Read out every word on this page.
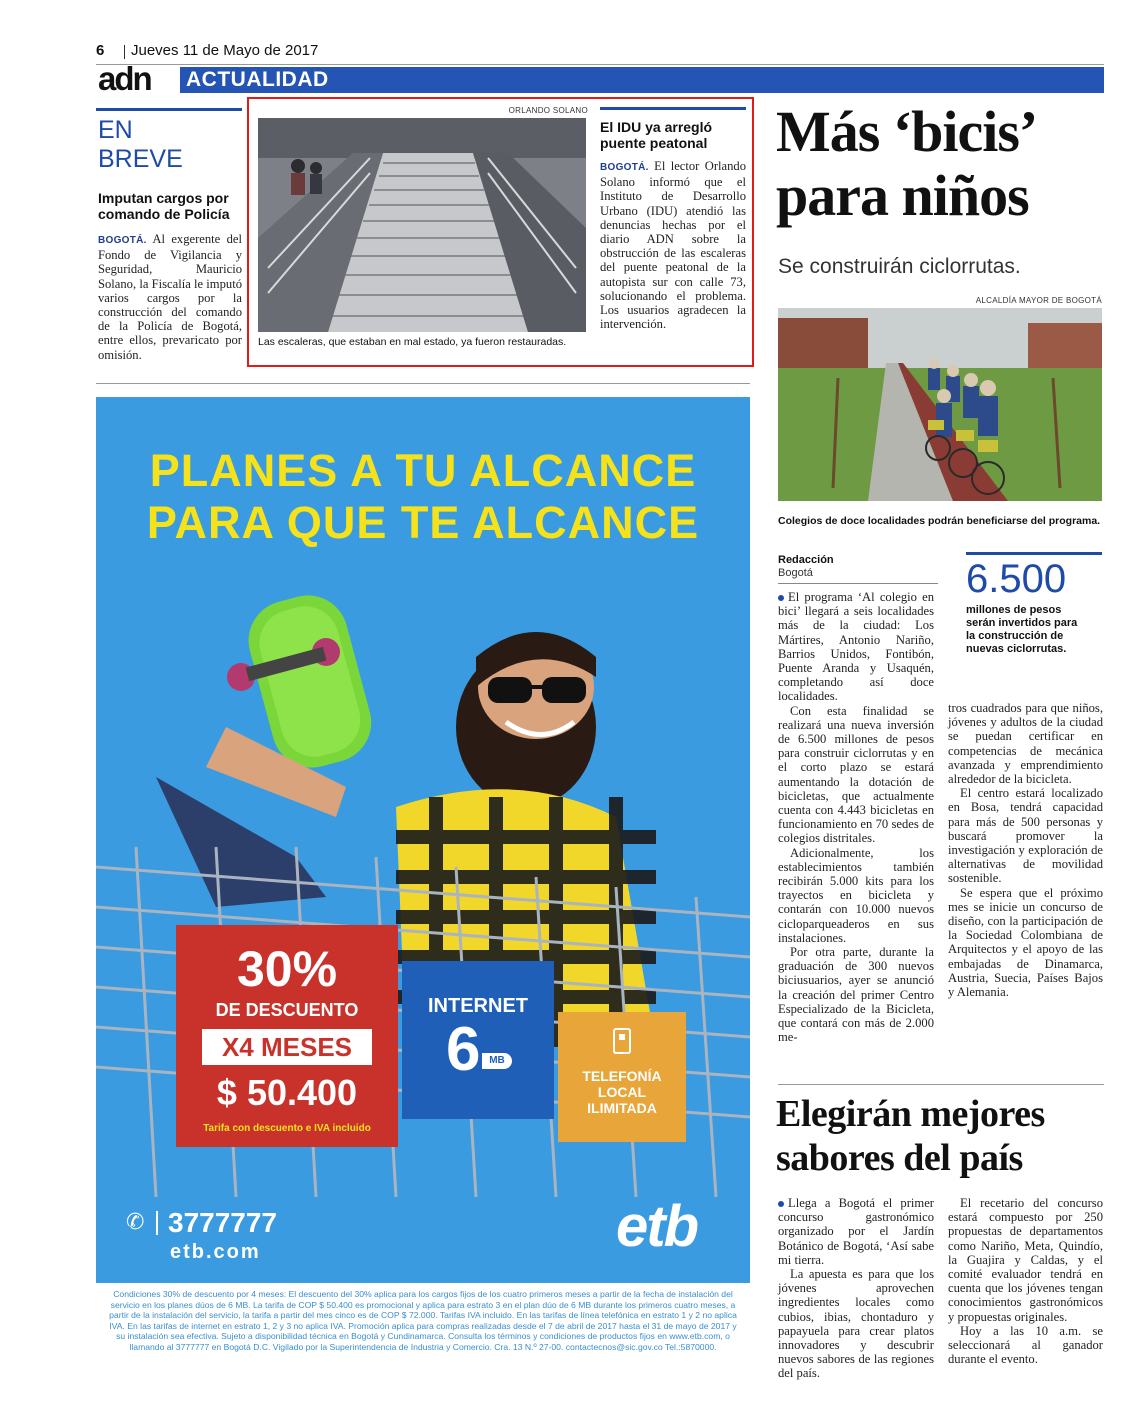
6 Jueves 11 de Mayo de 2017
adn ACTUALIDAD
EN
BREVE
Imputan cargos por comando de Policía
BOGOTÁ. Al exgerente del Fondo de Vigilancia y Seguridad, Mauricio Solano, la Fiscalía le imputó varios cargos por la construcción del comando de la Policía de Bogotá, entre ellos, prevaricato por omisión.
ORLANDO SOLANO
Las escaleras, que estaban en mal estado, ya fueron restauradas.
El IDU ya arregló puente peatonal
BOGOTÁ. El lector Orlando Solano informó que el Instituto de Desarrollo Urbano (IDU) atendió las denuncias hechas por el diario ADN sobre la obstrucción de las escaleras del puente peatonal de la autopista sur con calle 73, solucionando el problema. Los usuarios agradecen la intervención.
Más ‘bicis’
para niños
Se construirán ciclorrutas.
ALCALDÍA MAYOR DE BOGOTÁ
Colegios de doce localidades podrán beneficiarse del programa.
Redacción
Bogotá	6.500
millones de pesos serán invertidos para la construcción de nuevas ciclorrutas.

El programa ‘Al colegio en bici’ llegará a seis localidades más de la ciudad: Los Mártires, Antonio Nariño, Barrios Unidos, Fontibón, Puente Aranda y Usaquén, completando así doce localidades.

Con esta finalidad se realizará una nueva inversión de 6.500 millones de pesos para construir ciclorrutas y en el corto plazo se estará aumentando la dotación de bicicletas, que actualmente cuenta con 4.443 bicicletas en funcionamiento en 70 sedes de colegios distritales.

Adicionalmente, los establecimientos también recibirán 5.000 kits para los trayectos en bicicleta y contarán con 10.000 nuevos cicloparqueaderos en sus instalaciones.

Por otra parte, durante la graduación de 300 nuevos biciusuarios, ayer se anunció la creación del primer Centro Especializado de la Bicicleta, que contará con más de 2.000 me-

tros cuadrados para que niños, jóvenes y adultos de la ciudad se puedan certificar en competencias de mecánica avanzada y emprendimiento alrededor de la bicicleta.

El centro estará localizado en Bosa, tendrá capacidad para más de 500 personas y buscará promover la investigación y exploración de alternativas de movilidad sostenible.

Se espera que el próximo mes se inicie un concurso de diseño, con la participación de la Sociedad Colombiana de Arquitectos y el apoyo de las embajadas de Dinamarca, Austria, Suecia, Países Bajos y Alemania.

Elegirán mejores
sabores del país

Llega a Bogotá el primer concurso gastronómico organizado por el Jardín Botánico de Bogotá, ‘Así sabe mi tierra.

La apuesta es para que los jóvenes aprovechen ingredientes locales como cubios, ibias, chontaduro y papayuela para crear platos innovadores y descubrir nuevos sabores de las regiones del país.

El recetario del concurso estará compuesto por 250 propuestas de departamentos como Nariño, Meta, Quindío, la Guajira y Caldas, y el comité evaluador tendrá en cuenta que los jóvenes tengan conocimientos gastronómicos y propuestas originales.

Hoy a las 10 a.m. se seleccionará al ganador durante el evento.

PLANES A TU ALCANCE
PARA QUE TE ALCANCE
30%
DE DESCUENTO
X4 MESES
$ 50.400
Tarifa con descuento e IVA incluido
INTERNET
6 MB
TELEFONÍA
LOCAL
ILIMITADA
✆ 3777777
etb.com	etb
Condiciones 30% de descuento por 4 meses: El descuento del 30% aplica para los cargos fijos de los cuatro primeros meses a partir de la fecha de instalación del servicio en los planes dúos de 6 MB. La tarifa de COP $ 50.400 es promocional y aplica para estrato 3 en el plan dúo de 6 MB durante los primeros cuatro meses, a partir de la instalación del servicio, la tarifa a partir del mes cinco es de COP $ 72.000. Tarifas IVA incluido. En las tarifas de línea telefónica en estrato 1 y 2 no aplica IVA. En las tarifas de internet en estrato 1, 2 y 3 no aplica IVA. Promoción aplica para compras realizadas desde el 7 de abril de 2017 hasta el 31 de mayo de 2017 y su instalación sea efectiva. Sujeto a disponibilidad técnica en Bogotá y Cundinamarca. Consulta los términos y condiciones de productos fijos en www.etb.com, o llamando al 3777777 en Bogotá D.C. Vigilado por la Superintendencia de Industria y Comercio. Cra. 13 N.º 27-00. contactecnos@sic.gov.co Tel.:5870000.
